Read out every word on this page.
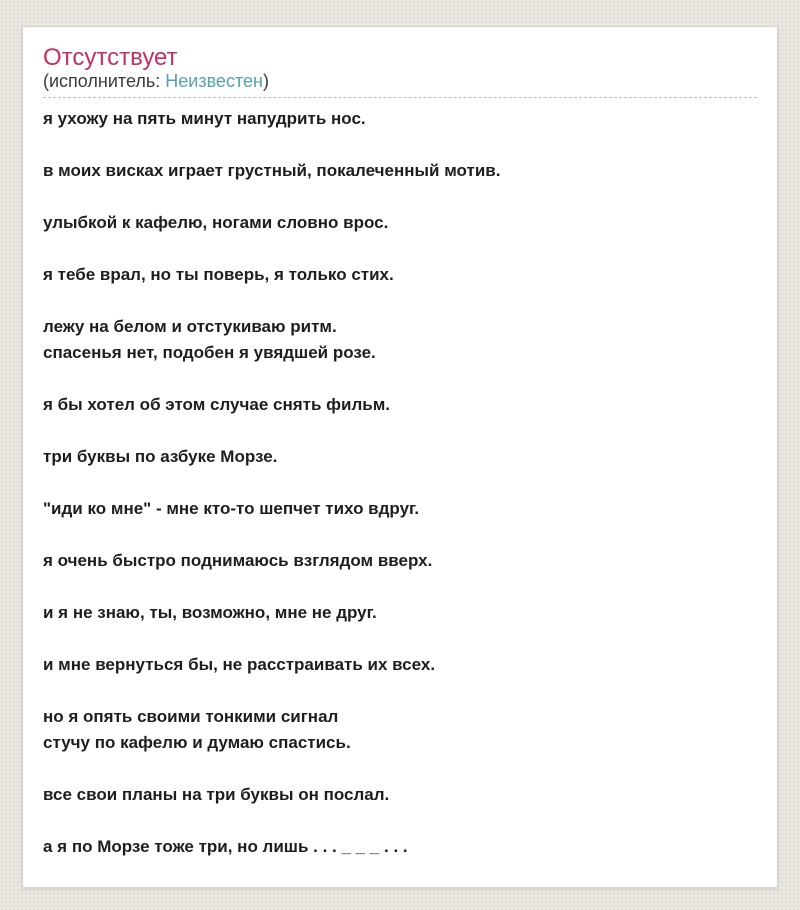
Отсутствует
(исполнитель: Неизвестен)
я ухожу на пять минут напудрить нос.
в моих висках играет грустный, покалеченный мотив.
улыбкой к кафелю, ногами словно врос.
я тебе врал, но ты поверь, я только стих.
лежу на белом и отстукиваю ритм.
спасенья нет, подобен я увядшей розе.
я бы хотел об этом случае снять фильм.
три буквы по азбуке Морзе.
"иди ко мне" - мне кто-то шепчет тихо вдруг.
я очень быстро поднимаюсь взглядом вверх.
и я не знаю, ты, возможно, мне не друг.
и мне вернуться бы, не расстраивать их всех.
но я опять своими тонкими сигнал
стучу по кафелю и думаю спастись.
все свои планы на три буквы он послал.
а я по Морзе тоже три, но лишь . . . _ _ _ . . .
